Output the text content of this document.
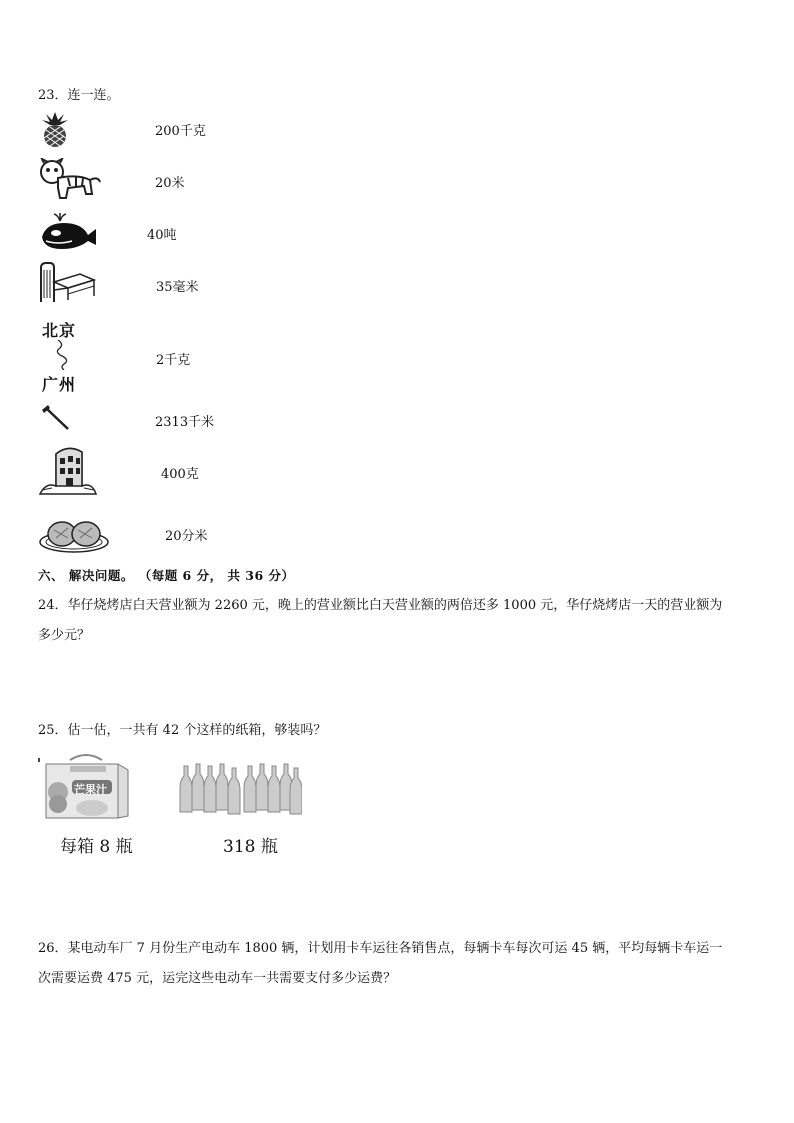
23．连一连。
200千克
20米
40吨
35毫米
北京
广州
2千克
2313千米
400克
20分米
六、 解决问题。 （每题 6 分， 共 36 分）
24．华仔烧烤店白天营业额为 2260 元，晚上的营业额比白天营业额的两倍还多 1000 元，华仔烧烤店一天的营业额为
多少元？
25．估一估，一共有 42 个这样的纸箱，够装吗？
芒果汁
每箱 8 瓶	318 瓶
26．某电动车厂 7 月份生产电动车 1800 辆，计划用卡车运往各销售点，每辆卡车每次可运 45 辆，平均每辆卡车运一
次需要运费 475 元，运完这些电动车一共需要支付多少运费？
